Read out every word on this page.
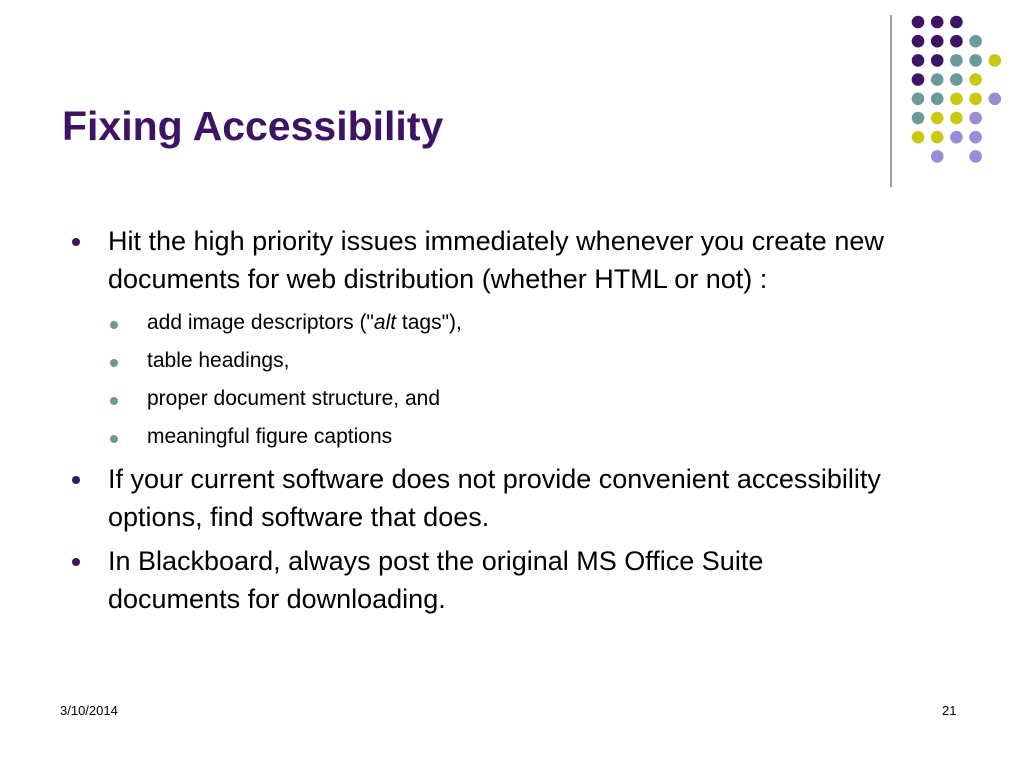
Fixing Accessibility
Hit the high priority issues immediately whenever you create new documents for web distribution (whether HTML or not) :
add image descriptors ("alt tags"),
table headings,
proper document structure, and
meaningful figure captions
If your current software does not provide convenient accessibility options, find software that does.
In Blackboard, always post the original MS Office Suite documents for downloading.
3/10/2014	21
